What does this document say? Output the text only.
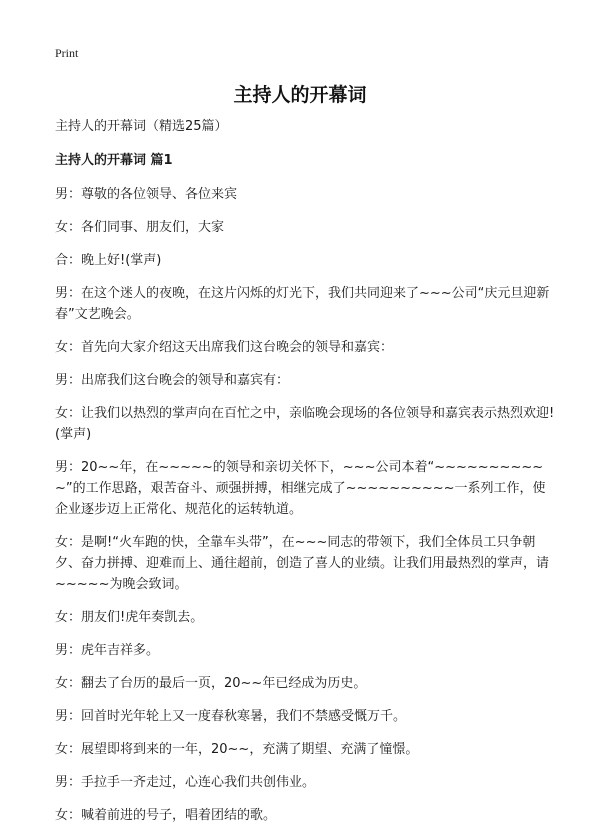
Print
主持人的开幕词

主持人的开幕词（精选25篇）

主持人的开幕词 篇1

男：尊敬的各位领导、各位来宾

女：各们同事、朋友们，大家

合：晚上好!(掌声)

男：在这个迷人的夜晚，在这片闪烁的灯光下，我们共同迎来了~~~公司“庆元旦迎新春”文艺晚会。

女：首先向大家介绍这天出席我们这台晚会的领导和嘉宾：

男：出席我们这台晚会的领导和嘉宾有：

女：让我们以热烈的掌声向在百忙之中，亲临晚会现场的各位领导和嘉宾表示热烈欢迎!(掌声)

男：20~~年，在~~~~~的领导和亲切关怀下，~~~公司本着“~~~~~~~~~~~”的工作思路，艰苦奋斗、顽强拼搏，相继完成了~~~~~~~~~~一系列工作，使企业逐步迈上正常化、规范化的运转轨道。

女：是啊!“火车跑的快，全靠车头带”，在~~~同志的带领下，我们全体员工只争朝夕、奋力拼搏、迎难而上、通往超前，创造了喜人的业绩。让我们用最热烈的掌声，请~~~~~为晚会致词。

女：朋友们!虎年奏凯去。

男：虎年吉祥多。

女：翻去了台历的最后一页，20~~年已经成为历史。

男：回首时光年轮上又一度春秋寒暑，我们不禁感受慨万千。

女：展望即将到来的一年，20~~，充满了期望、充满了憧憬。

男：手拉手一齐走过，心连心我们共创伟业。

女：喊着前进的号子，唱着团结的歌。
